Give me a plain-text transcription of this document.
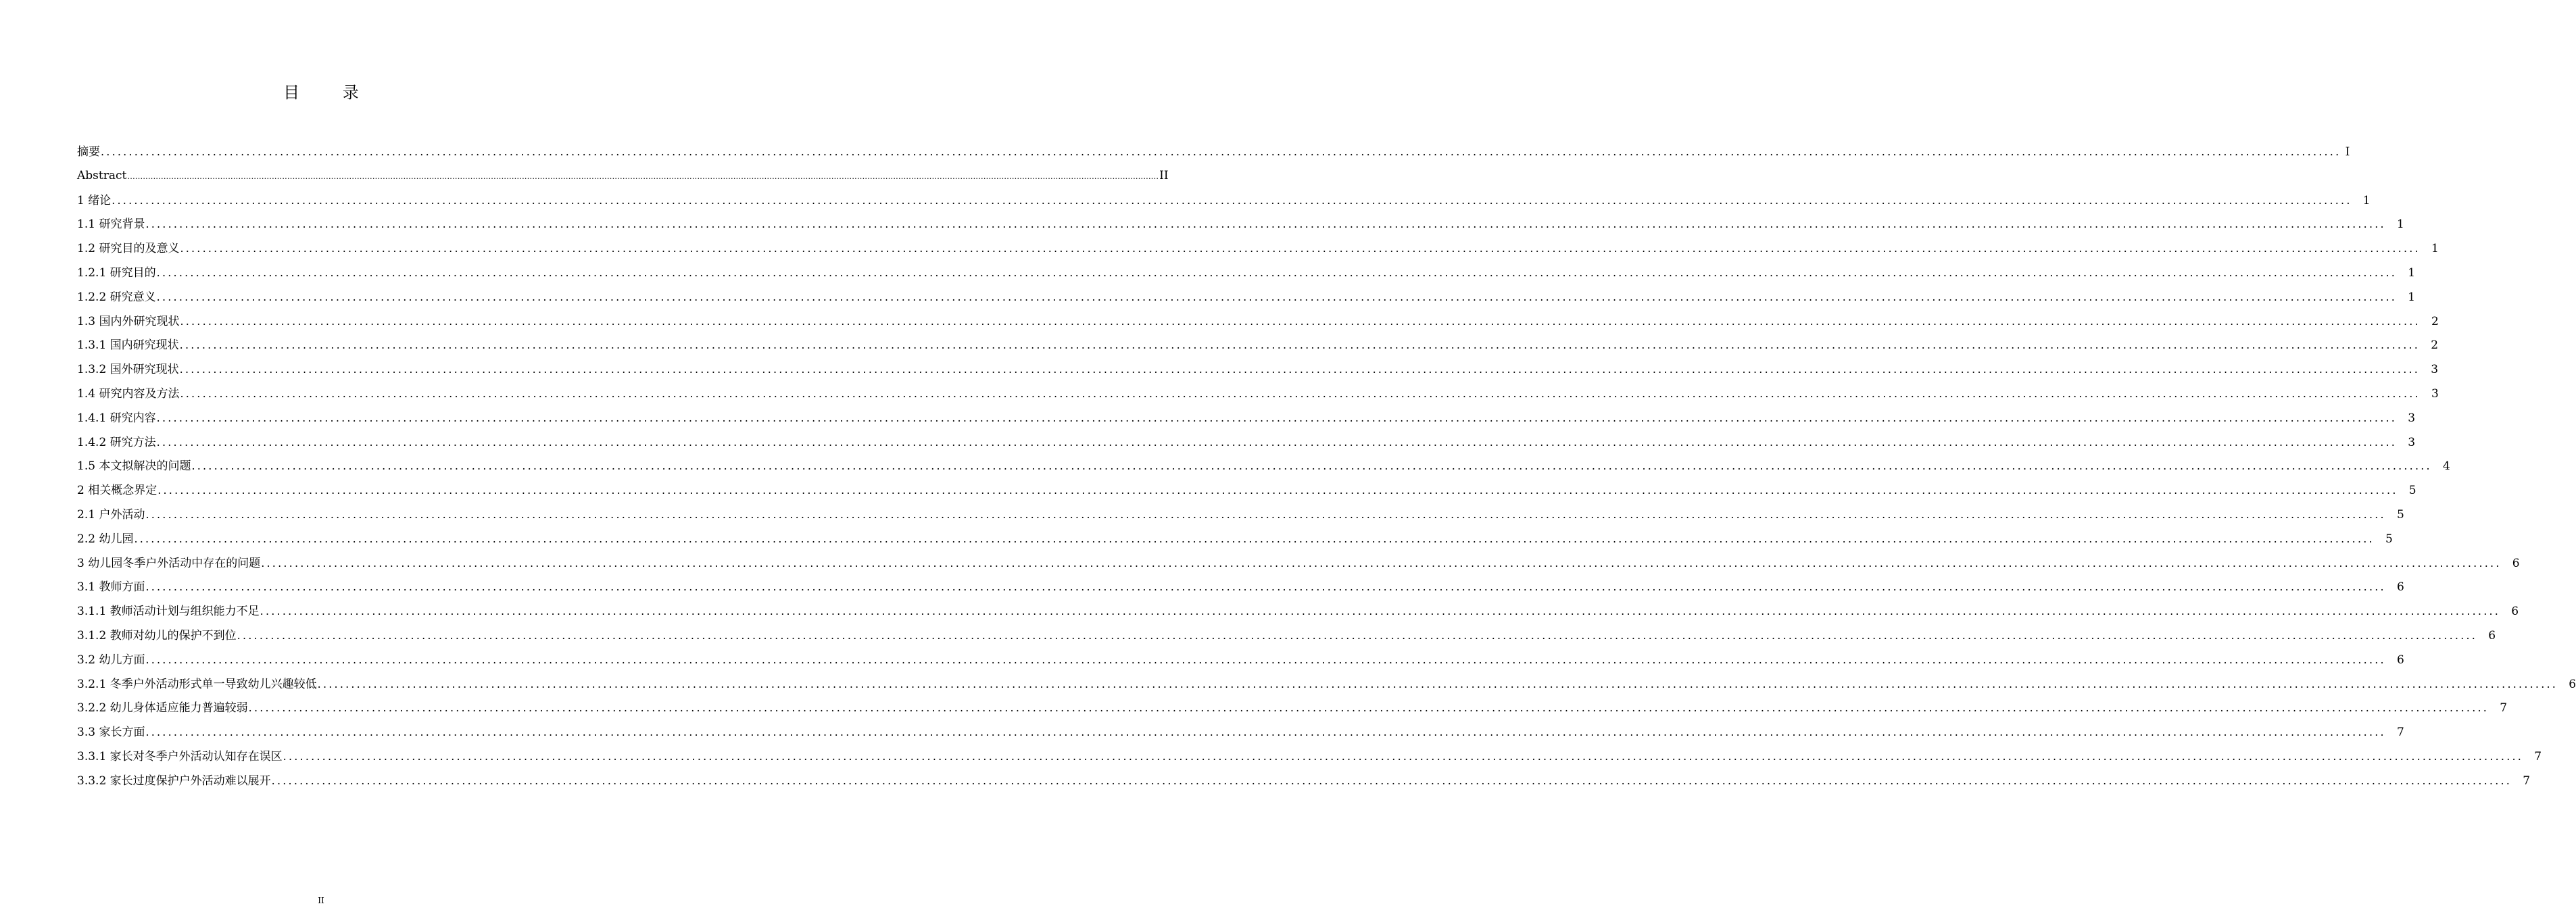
目 录
摘要 ................................................................................................................................................................................................................................................................................................................................................................................................................ I
Abstract ................................................................................................................................................................................................................................................................................................................................................................................................................ II
1 绪论 ................................................................................................................................................................................................................................................................................................................................................................................................................ 1
1.1 研究背景 ................................................................................................................................................................................................................................................................................................................................................................................................................ 1
1.2 研究目的及意义 ................................................................................................................................................................................................................................................................................................................................................................................................................ 1
1.2.1 研究目的 ................................................................................................................................................................................................................................................................................................................................................................................................................ 1
1.2.2 研究意义 ................................................................................................................................................................................................................................................................................................................................................................................................................ 1
1.3 国内外研究现状 ................................................................................................................................................................................................................................................................................................................................................................................................................ 2
1.3.1 国内研究现状 ................................................................................................................................................................................................................................................................................................................................................................................................................ 2
1.3.2 国外研究现状 ................................................................................................................................................................................................................................................................................................................................................................................................................ 3
1.4 研究内容及方法 ................................................................................................................................................................................................................................................................................................................................................................................................................ 3
1.4.1 研究内容 ................................................................................................................................................................................................................................................................................................................................................................................................................ 3
1.4.2 研究方法 ................................................................................................................................................................................................................................................................................................................................................................................................................ 3
1.5 本文拟解决的问题 ................................................................................................................................................................................................................................................................................................................................................................................................................ 4
2 相关概念界定 ................................................................................................................................................................................................................................................................................................................................................................................................................ 5
2.1 户外活动 ................................................................................................................................................................................................................................................................................................................................................................................................................ 5
2.2 幼儿园 ................................................................................................................................................................................................................................................................................................................................................................................................................ 5
3 幼儿园冬季户外活动中存在的问题 ................................................................................................................................................................................................................................................................................................................................................................................................................ 6
3.1 教师方面 ................................................................................................................................................................................................................................................................................................................................................................................................................ 6
3.1.1 教师活动计划与组织能力不足 ................................................................................................................................................................................................................................................................................................................................................................................................................ 6
3.1.2 教师对幼儿的保护不到位 ................................................................................................................................................................................................................................................................................................................................................................................................................ 6
3.2 幼儿方面 ................................................................................................................................................................................................................................................................................................................................................................................................................ 6
3.2.1 冬季户外活动形式单一导致幼儿兴趣较低 ................................................................................................................................................................................................................................................................................................................................................................................................................ 6
3.2.2 幼儿身体适应能力普遍较弱 ................................................................................................................................................................................................................................................................................................................................................................................................................ 7
3.3 家长方面 ................................................................................................................................................................................................................................................................................................................................................................................................................ 7
3.3.1 家长对冬季户外活动认知存在误区 ................................................................................................................................................................................................................................................................................................................................................................................................................ 7
3.3.2 家长过度保护户外活动难以展开 ................................................................................................................................................................................................................................................................................................................................................................................................................ 7
II
